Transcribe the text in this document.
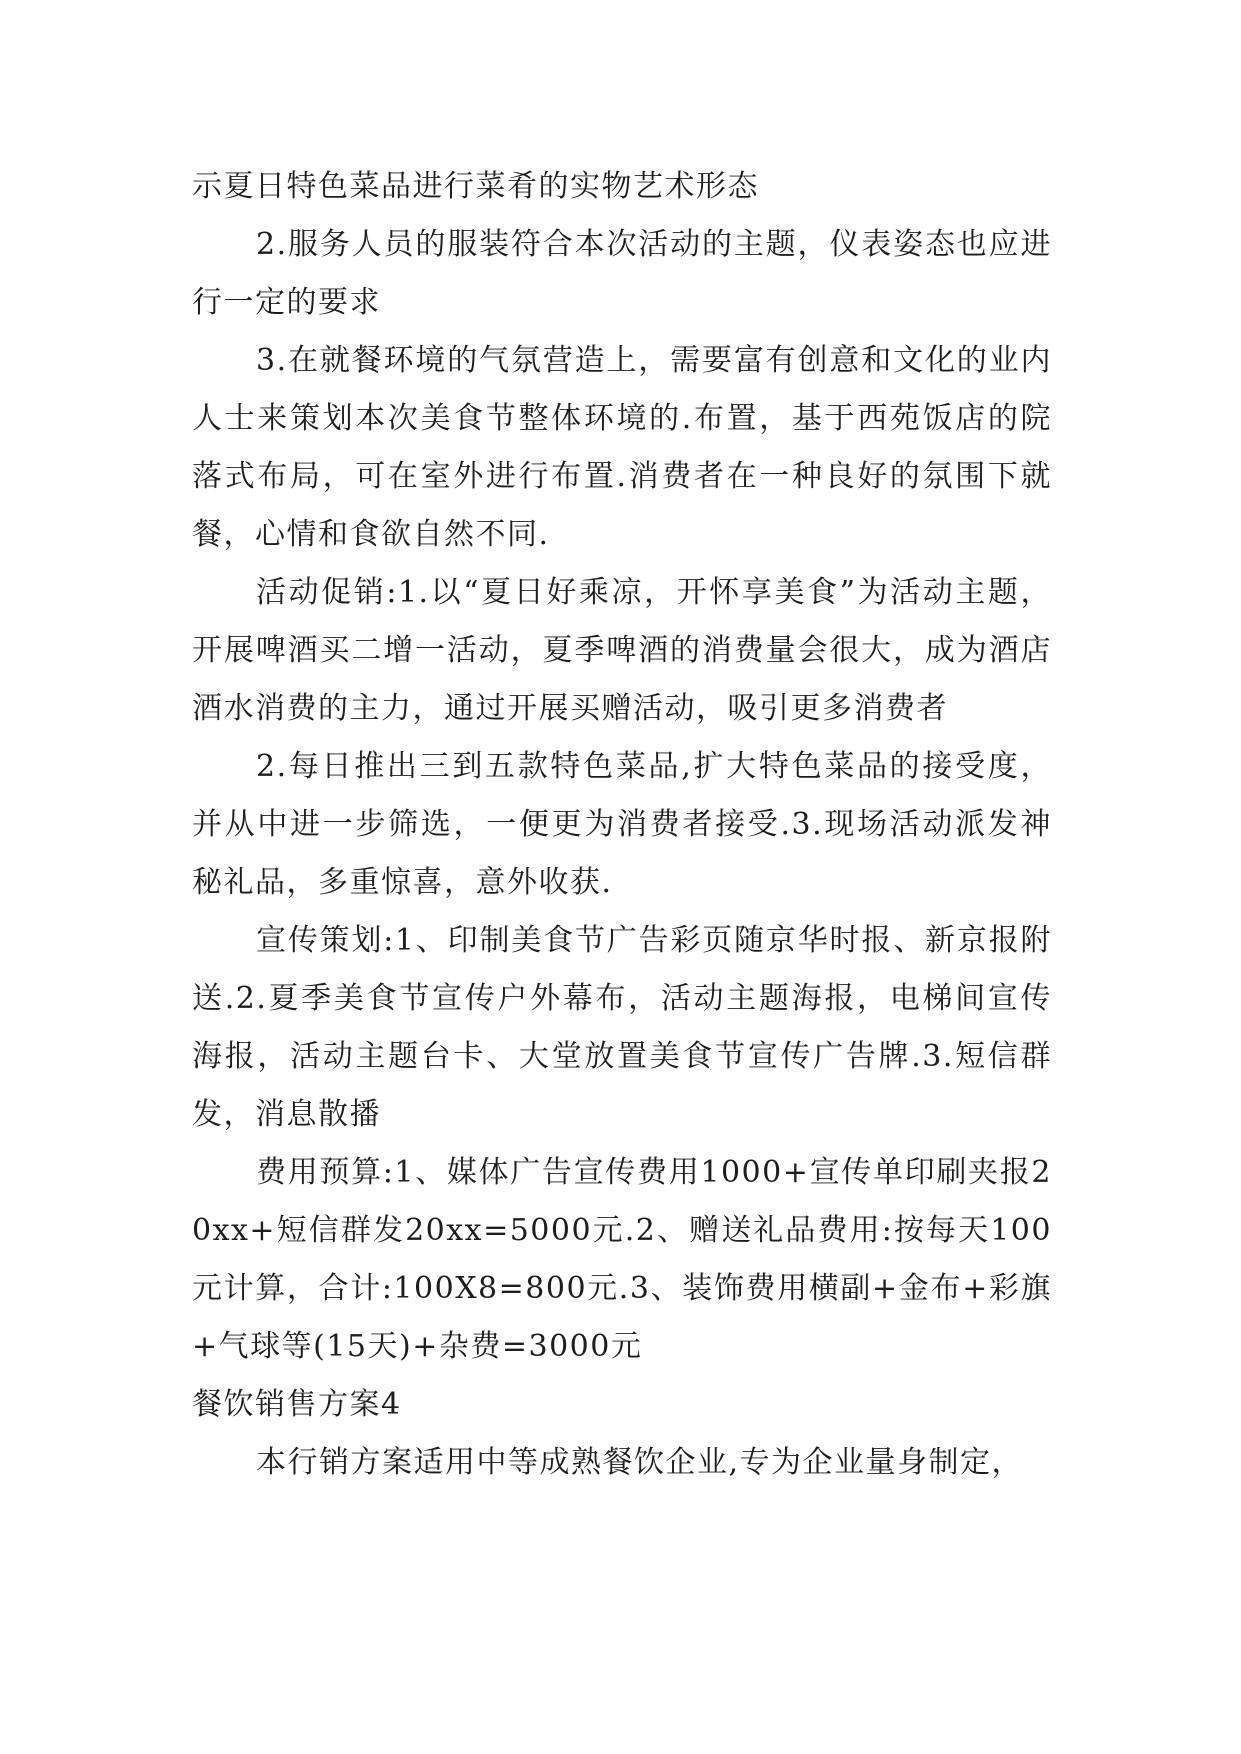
示夏日特色菜品进行菜肴的实物艺术形态

2.服务人员的服装符合本次活动的主题，仪表姿态也应进行一定的要求

3.在就餐环境的气氛营造上，需要富有创意和文化的业内人士来策划本次美食节整体环境的.布置，基于西苑饭店的院落式布局，可在室外进行布置.消费者在一种良好的氛围下就餐，心情和食欲自然不同.

活动促销:1.以“夏日好乘凉，开怀享美食”为活动主题，开展啤酒买二增一活动，夏季啤酒的消费量会很大，成为酒店酒水消费的主力，通过开展买赠活动，吸引更多消费者

2.每日推出三到五款特色菜品,扩大特色菜品的接受度，并从中进一步筛选，一便更为消费者接受.3.现场活动派发神秘礼品，多重惊喜，意外收获.

宣传策划:1、印制美食节广告彩页随京华时报、新京报附送.2.夏季美食节宣传户外幕布，活动主题海报，电梯间宣传海报，活动主题台卡、大堂放置美食节宣传广告牌.3.短信群发，消息散播

费用预算:1、媒体广告宣传费用1000+宣传单印刷夹报20xx+短信群发20xx=5000元.2、赠送礼品费用:按每天100元计算，合计:100X8=800元.3、装饰费用横副+金布+彩旗+气球等(15天)+杂费=3000元

餐饮销售方案4

本行销方案适用中等成熟餐饮企业,专为企业量身制定，
